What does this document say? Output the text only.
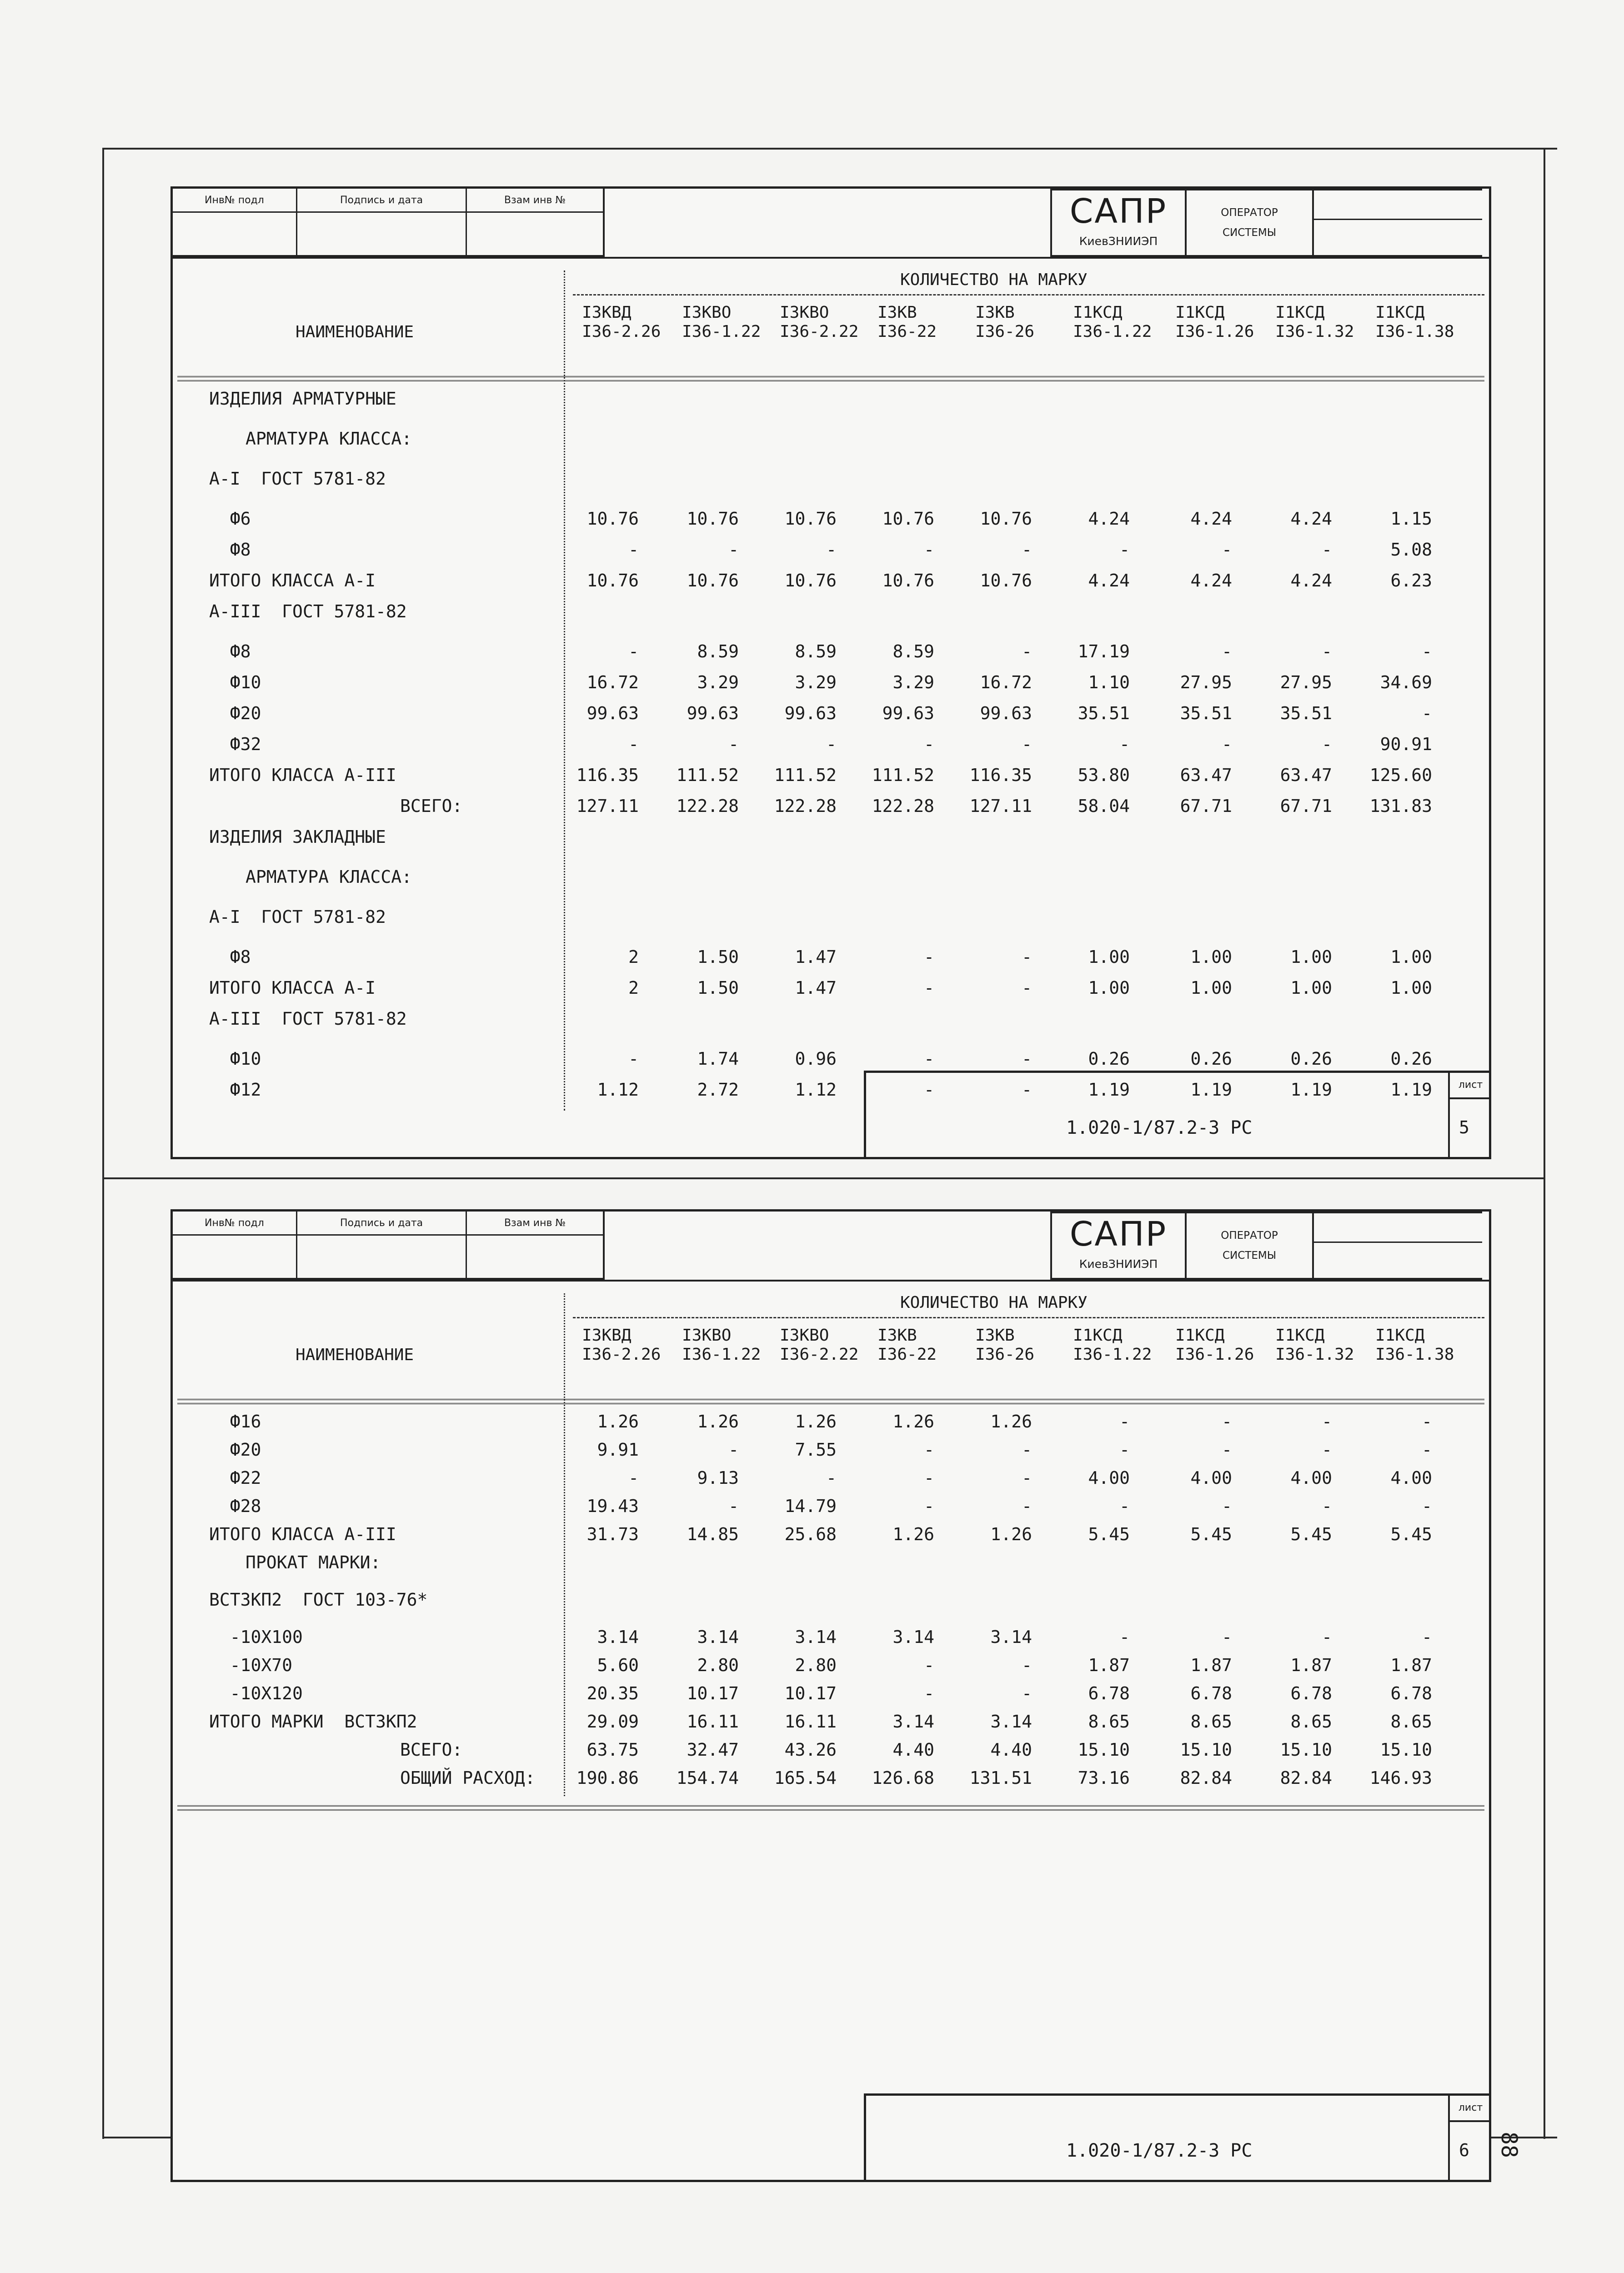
Инв№ подл	Подпись и дата	Взам инв №	САПР
КиевЗНИИЭП
ОПЕРАТОР
СИСТЕМЫ
НАИМЕНОВАНИЕ
КОЛИЧЕСТВО НА МАРКУ
I3КВД
I36-2.26
I3КВО
I36-1.22
I3КВО
I36-2.22
I3КВ
I36-22
I3КВ
I36-26
I1КСД
I36-1.22
I1КСД
I36-1.26
I1КСД
I36-1.32
I1КСД
I36-1.38
ИЗДЕЛИЯ АРМАТУРНЫЕ
АРМАТУРА КЛАССА:
А-I  ГОСТ 5781-82
Ф6	10.76	10.76	10.76	10.76	10.76	4.24	4.24	4.24	1.15
Ф8	-	-	-	-	-	-	-	-	5.08
ИТОГО КЛАССА А-I	10.76	10.76	10.76	10.76	10.76	4.24	4.24	4.24	6.23
А-III  ГОСТ 5781-82
Ф8	-	8.59	8.59	8.59	-	17.19	-	-	-
Ф10	16.72	3.29	3.29	3.29	16.72	1.10	27.95	27.95	34.69
Ф20	99.63	99.63	99.63	99.63	99.63	35.51	35.51	35.51	-
Ф32	-	-	-	-	-	-	-	-	90.91
ИТОГО КЛАССА А-III	116.35	111.52	111.52	111.52	116.35	53.80	63.47	63.47	125.60
ВСЕГО:	127.11	122.28	122.28	122.28	127.11	58.04	67.71	67.71	131.83
ИЗДЕЛИЯ ЗАКЛАДНЫЕ
АРМАТУРА КЛАССА:
А-I  ГОСТ 5781-82
Ф8	2	1.50	1.47	-	-	1.00	1.00	1.00	1.00
ИТОГО КЛАССА А-I	2	1.50	1.47	-	-	1.00	1.00	1.00	1.00
А-III  ГОСТ 5781-82
Ф10	-	1.74	0.96	-	-	0.26	0.26	0.26	0.26
Ф12	1.12	2.72	1.12	-	-	1.19	1.19	1.19	1.19
1.020-1/87.2-3 РС
лист
5
Инв№ подл	Подпись и дата	Взам инв №	САПР
КиевЗНИИЭП
ОПЕРАТОР
СИСТЕМЫ
НАИМЕНОВАНИЕ
КОЛИЧЕСТВО НА МАРКУ
I3КВД
I36-2.26
I3КВО
I36-1.22
I3КВО
I36-2.22
I3КВ
I36-22
I3КВ
I36-26
I1КСД
I36-1.22
I1КСД
I36-1.26
I1КСД
I36-1.32
I1КСД
I36-1.38
Ф16	1.26	1.26	1.26	1.26	1.26	-	-	-	-
Ф20	9.91	-	7.55	-	-	-	-	-	-
Ф22	-	9.13	-	-	-	4.00	4.00	4.00	4.00
Ф28	19.43	-	14.79	-	-	-	-	-	-
ИТОГО КЛАССА А-III	31.73	14.85	25.68	1.26	1.26	5.45	5.45	5.45	5.45
ПРОКАТ МАРКИ:
ВСТ3КП2  ГОСТ 103-76*
-10Х100	3.14	3.14	3.14	3.14	3.14	-	-	-	-
-10Х70	5.60	2.80	2.80	-	-	1.87	1.87	1.87	1.87
-10Х120	20.35	10.17	10.17	-	-	6.78	6.78	6.78	6.78
ИТОГО МАРКИ  ВСТ3КП2	29.09	16.11	16.11	3.14	3.14	8.65	8.65	8.65	8.65
ВСЕГО:	63.75	32.47	43.26	4.40	4.40	15.10	15.10	15.10	15.10
ОБЩИЙ РАСХОД:	190.86	154.74	165.54	126.68	131.51	73.16	82.84	82.84	146.93
1.020-1/87.2-3 РС
лист
6	88
